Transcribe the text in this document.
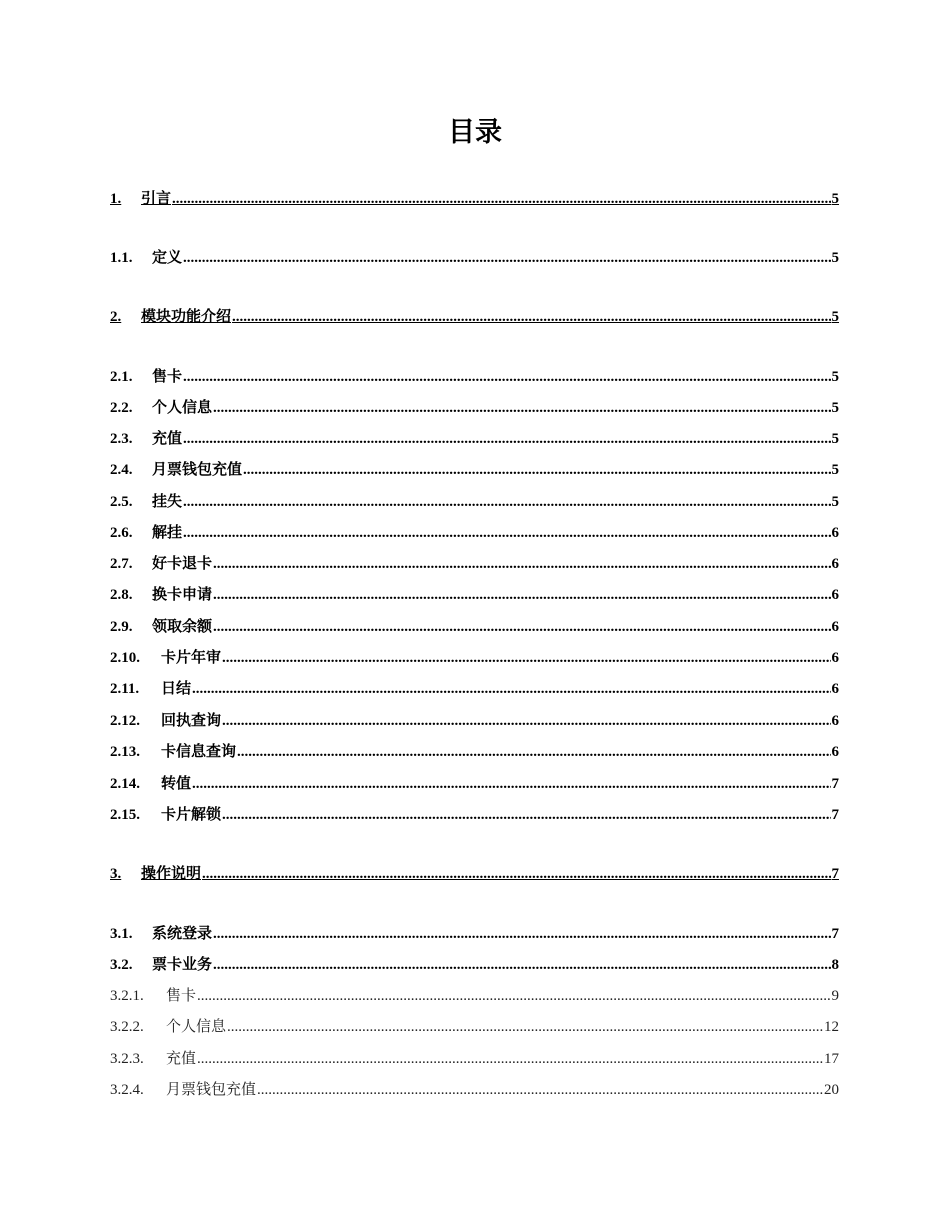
目录
1.	引言 .....	5
1.1.	定义 .....	5
2.	模块功能介绍 .....	5
2.1.	售卡 .....	5
2.2.	个人信息 .....	5
2.3.	充值 .....	5
2.4.	月票钱包充值 .....	5
2.5.	挂失 .....	5
2.6.	解挂 .....	6
2.7.	好卡退卡 .....	6
2.8.	换卡申请 .....	6
2.9.	领取余额 .....	6
2.10.	卡片年审 .....	6
2.11.	日结 .....	6
2.12.	回执查询 .....	6
2.13.	卡信息查询 .....	6
2.14.	转值 .....	7
2.15.	卡片解锁 .....	7
3.	操作说明 .....	7
3.1.	系统登录 .....	7
3.2.	票卡业务 .....	8
3.2.1.	售卡 .....	9
3.2.2.	个人信息 .....	12
3.2.3.	充值 .....	17
3.2.4.	月票钱包充值 .....	20
